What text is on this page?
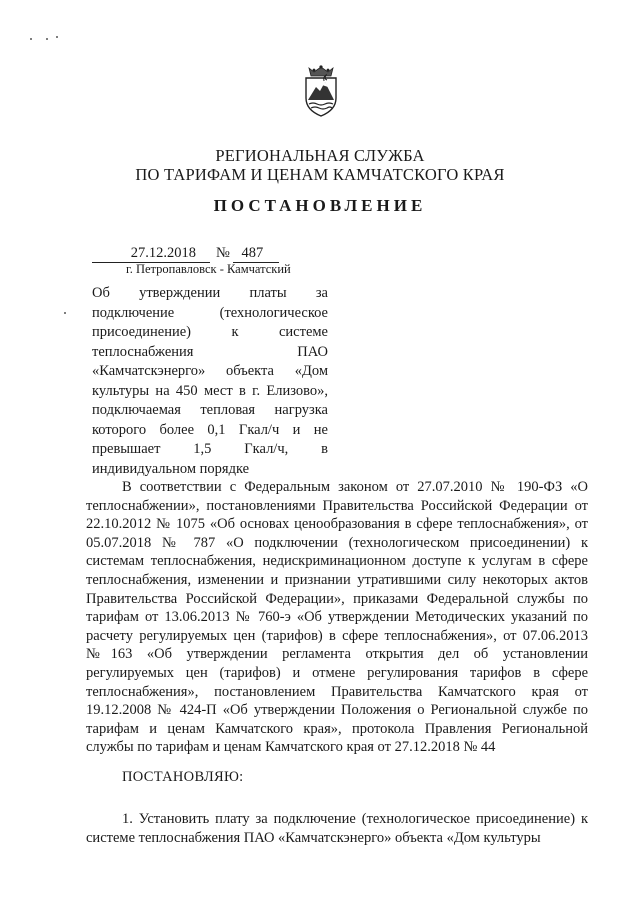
РЕГИОНАЛЬНАЯ СЛУЖБА
ПО ТАРИФАМ И ЦЕНАМ КАМЧАТСКОГО КРАЯ
ПОСТАНОВЛЕНИЕ
27.12.2018 № 487
г. Петропавловск - Камчатский
Об утверждении платы за подключение (технологическое присоединение) к системе теплоснабжения ПАО «Камчатскэнерго» объекта «Дом культуры на 450 мест в г. Елизово», подключаемая тепловая нагрузка которого более 0,1 Гкал/ч и не превышает 1,5 Гкал/ч, в индивидуальном порядке

В соответствии с Федеральным законом от 27.07.2010 № 190-ФЗ «О теплоснабжении», постановлениями Правительства Российской Федерации от 22.10.2012 № 1075 «Об основах ценообразования в сфере теплоснабжения», от 05.07.2018 № 787 «О подключении (технологическом присоединении) к системам теплоснабжения, недискриминационном доступе к услугам в сфере теплоснабжения, изменении и признании утратившими силу некоторых актов Правительства Российской Федерации», приказами Федеральной службы по тарифам от 13.06.2013 № 760-э «Об утверждении Методических указаний по расчету регулируемых цен (тарифов) в сфере теплоснабжения», от 07.06.2013 №163 «Об утверждении регламента открытия дел об установлении регулируемых цен (тарифов) и отмене регулирования тарифов в сфере теплоснабжения», постановлением Правительства Камчатского края от 19.12.2008 № 424-П «Об утверждении Положения о Региональной службе по тарифам и ценам Камчатского края», протокола Правления Региональной службы по тарифам и ценам Камчатского края от 27.12.2018 № 44

ПОСТАНОВЛЯЮ:

1. Установить плату за подключение (технологическое присоединение) к системе теплоснабжения ПАО «Камчатскэнерго» объекта «Дом культуры
